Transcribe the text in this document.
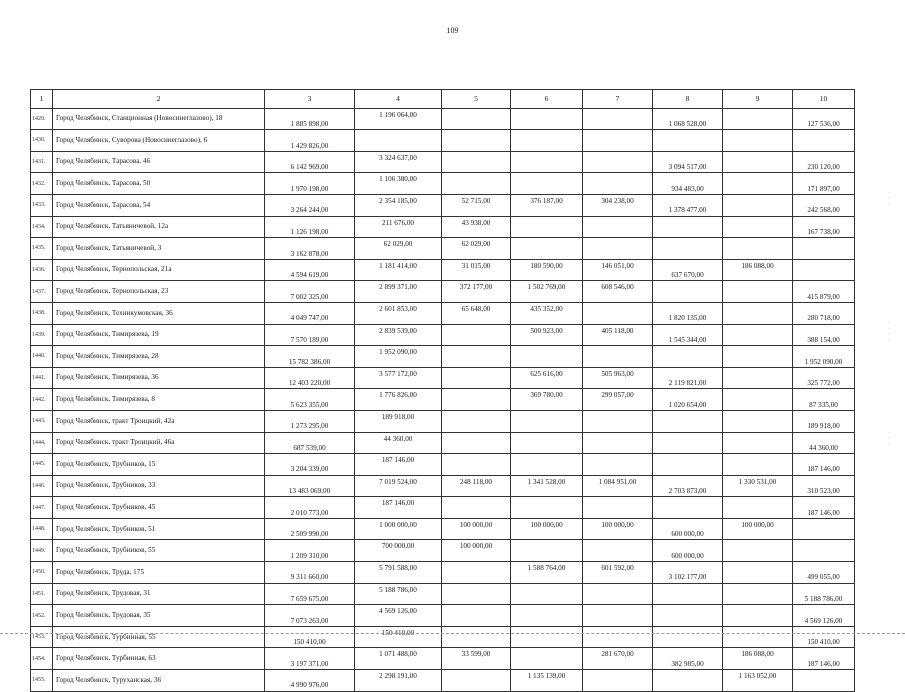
109
1	2	3	4	5	6	7	8	9	10
1429.	Город Челябинск, Станционная (Новосинеглазово), 18	1 885 898,00	1 196 064,00				1 068 528,00		127 536,00
1430.	Город Челябинск, Суворова (Новосинеглазово), 6	1 429 826,00							
1431.	Город Челябинск, Тарасова, 46	6 142 969,00	3 324 637,00				3 094 517,00		230 120,00
1432.	Город Челябинск, Тарасова, 50	1 970 198,00	1 106 380,00				934 483,00		171 897,00
1433.	Город Челябинск, Тарасова, 54	3 264 244,00	2 354 185,00	52 715,00	376 187,00	304 238,00	1 378 477,00		242 568,00
1434.	Город Челябинск, Татьяничевой, 12а	1 126 198,00	211 676,00	43 938,00					167 738,00
1435.	Город Челябинск, Татьяничевой, 3	3 162 878,00	62 029,00	62 029,00					
1436.	Город Челябинск, Тернопольская, 21а	4 594 619,00	1 181 414,00	31 015,00	180 590,00	146 051,00	637 670,00	186 088,00	
1437.	Город Челябинск, Тернопольская, 23	7 002 325,00	2 899 371,00	372 177,00	1 502 769,00	608 546,00			415 879,00
1438.	Город Челябинск, Техникумовская, 36	4 049 747,00	2 601 853,00	65 648,00	435 352,00		1 820 135,00		280 718,00
1439.	Город Челябинск, Тимирязева, 19	7 570 189,00	2 839 539,00		500 923,00	405 118,00	1 545 344,00		388 154,00
1440.	Город Челябинск, Тимирязева, 28	15 782 386,00	1 952 090,00						1 952 090,00
1441.	Город Челябинск, Тимирязева, 36	12 403 220,00	3 577 172,00		625 616,00	505 963,00	2 119 821,00		325 772,00
1442.	Город Челябинск, Тимирязева, 8	5 623 355,00	1 776 826,00		369 780,00	299 057,00	1 020 654,00		87 335,00
1443.	Город Челябинск, тракт Троицкий, 42а	1 273 295,00	189 918,00						189 918,00
1444.	Город Челябинск, тракт Троицкий, 46а	687 539,00	44 360,00						44 360,00
1445.	Город Челябинск, Трубников, 15	3 204 339,00	187 146,00						187 146,00
1446.	Город Челябинск, Трубников, 33	13 483 069,00	7 019 524,00	248 118,00	1 341 528,00	1 084 951,00	2 703 873,00	1 330 531,00	310 523,00
1447.	Город Челябинск, Трубников, 45	2 010 773,00	187 146,00						187 146,00
1448.	Город Челябинск, Трубников, 51	2 509 990,00	1 000 000,00	100 000,00	100 000,00	100 000,00	600 000,00	100 000,00	
1449.	Город Челябинск, Трубников, 55	1 209 310,00	700 000,00	100 000,00			600 000,00		
1450.	Город Челябинск, Труда, 175	9 311 660,00	5 791 588,00		1 588 764,00	601 592,00	3 102 177,00		499 055,00
1451.	Город Челябинск, Трудовая, 31	7 659 675,00	5 188 786,00						5 188 786,00
1452.	Город Челябинск, Трудовая, 35	7 073 263,00	4 569 126,00						4 569 126,00
1453.	Город Челябинск, Турбинная, 55	150 410,00	150 410,00						150 410,00
1454.	Город Челябинск, Турбинная, 63	3 197 371,00	1 071 488,00	33 599,00		281 670,00	382 985,00	186 088,00	187 146,00
1455.	Город Челябинск, Туруханская, 36	4 990 976,00	2 298 191,00		1 135 139,00			1 163 052,00	
·
·
·
·
·
·
·
·
·
·
